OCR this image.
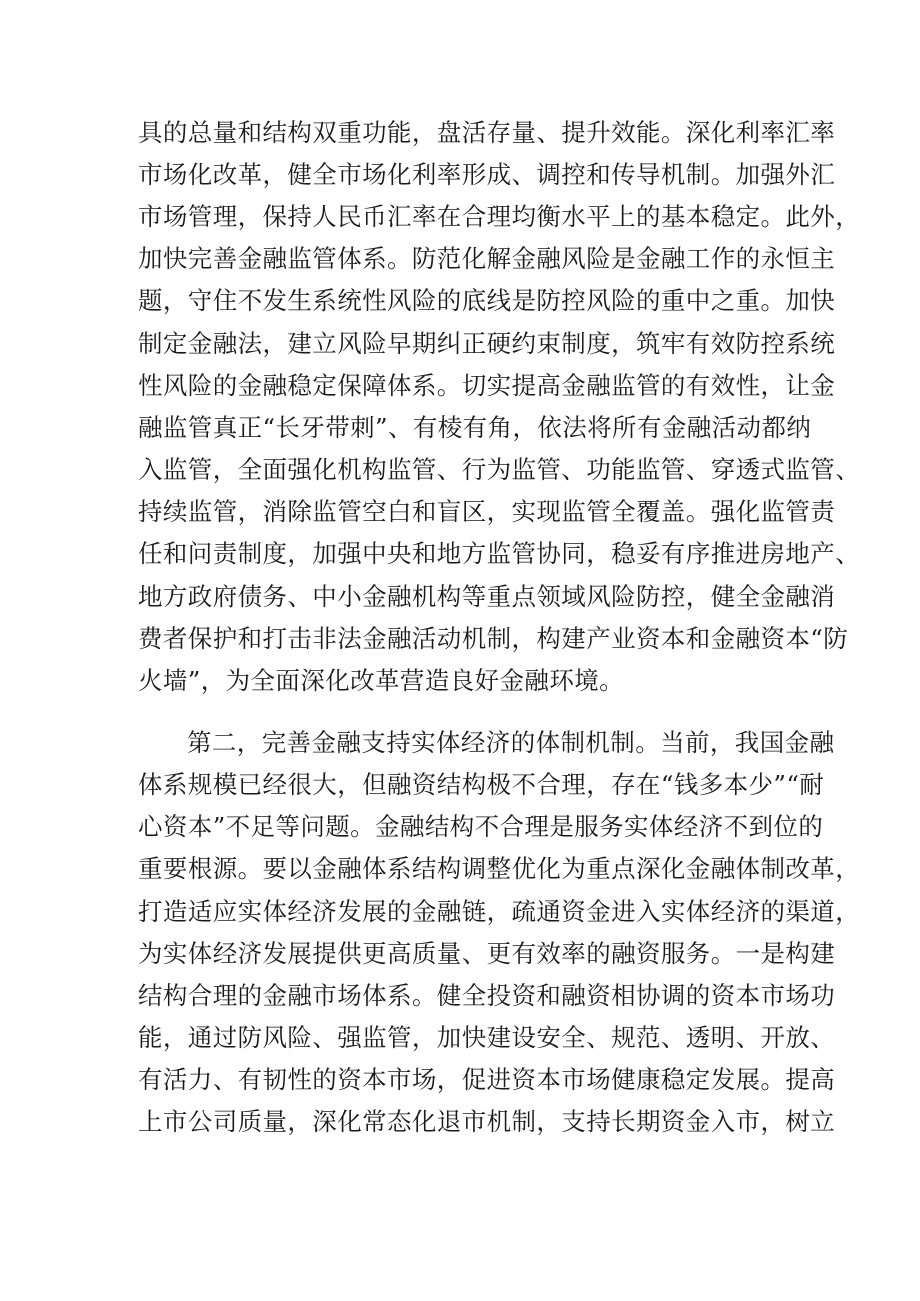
具的总量和结构双重功能，盘活存量、提升效能。深化利率汇率
市场化改革，健全市场化利率形成、调控和传导机制。加强外汇
市场管理，保持人民币汇率在合理均衡水平上的基本稳定。此外，
加快完善金融监管体系。防范化解金融风险是金融工作的永恒主
题，守住不发生系统性风险的底线是防控风险的重中之重。加快
制定金融法，建立风险早期纠正硬约束制度，筑牢有效防控系统
性风险的金融稳定保障体系。切实提高金融监管的有效性，让金
融监管真正“长牙带刺”、有棱有角，依法将所有金融活动都纳
入监管，全面强化机构监管、行为监管、功能监管、穿透式监管、
持续监管，消除监管空白和盲区，实现监管全覆盖。强化监管责
任和问责制度，加强中央和地方监管协同，稳妥有序推进房地产、
地方政府债务、中小金融机构等重点领域风险防控，健全金融消
费者保护和打击非法金融活动机制，构建产业资本和金融资本“防
火墙”，为全面深化改革营造良好金融环境。
第二，完善金融支持实体经济的体制机制。当前，我国金融
体系规模已经很大，但融资结构极不合理，存在“钱多本少”“耐
心资本”不足等问题。金融结构不合理是服务实体经济不到位的
重要根源。要以金融体系结构调整优化为重点深化金融体制改革，
打造适应实体经济发展的金融链，疏通资金进入实体经济的渠道，
为实体经济发展提供更高质量、更有效率的融资服务。一是构建
结构合理的金融市场体系。健全投资和融资相协调的资本市场功
能，通过防风险、强监管，加快建设安全、规范、透明、开放、
有活力、有韧性的资本市场，促进资本市场健康稳定发展。提高
上市公司质量，深化常态化退市机制，支持长期资金入市，树立
